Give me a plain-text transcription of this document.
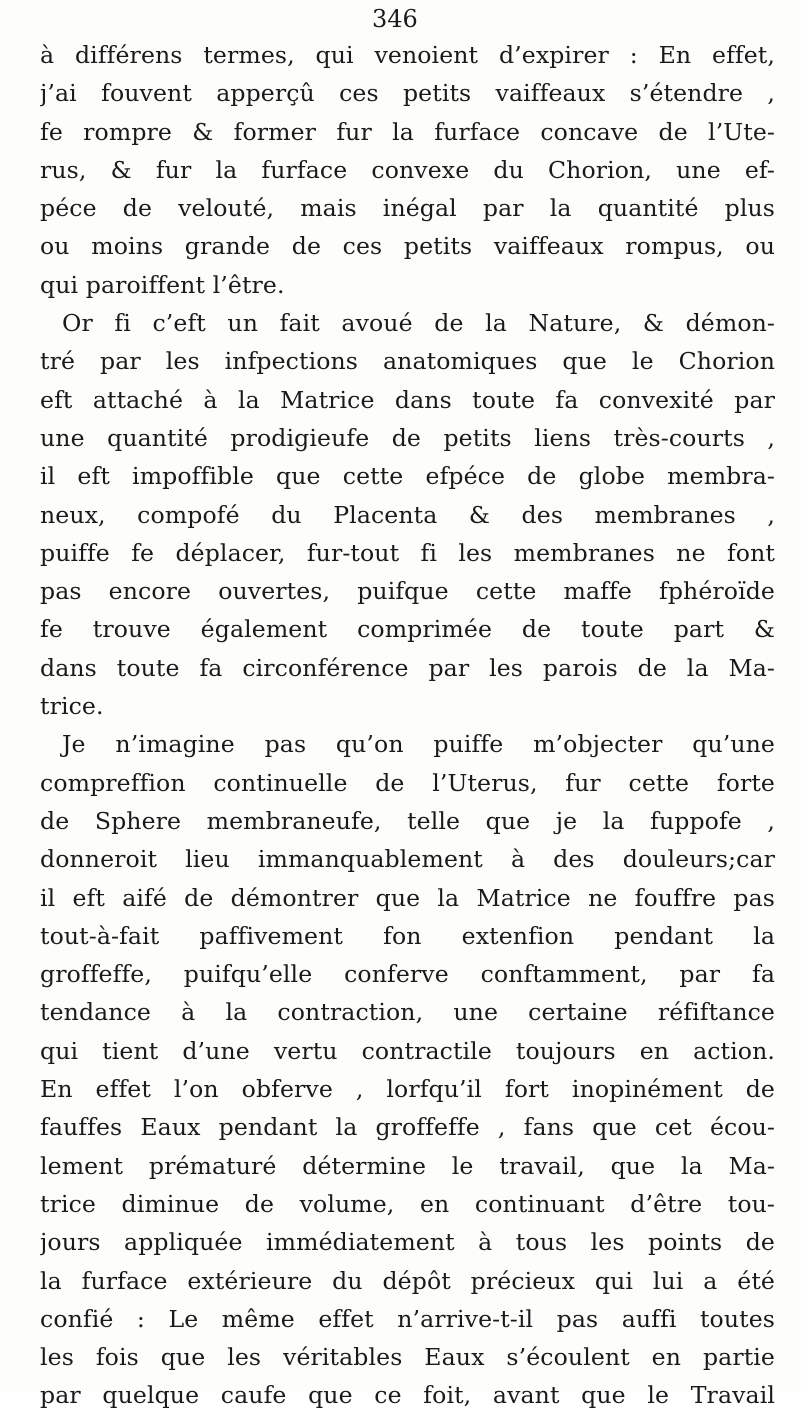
346
à différens termes, qui venoient d’expirer : En effet,
j’ai fouvent apperçû ces petits vaiffeaux s’étendre ,
fe rompre & former fur la furface concave de l’Ute-
rus, & fur la furface convexe du Chorion, une ef-
péce de velouté, mais inégal par la quantité plus
ou moins grande de ces petits vaiffeaux rompus, ou
qui paroiffent l’être.
Or fi c’eft un fait avoué de la Nature, & démon-
tré par les infpections anatomiques que le Chorion
eft attaché à la Matrice dans toute fa convexité par
une quantité prodigieufe de petits liens très-courts ,
il eft impoffible que cette efpéce de globe membra-
neux, compofé du Placenta & des membranes ,
puiffe fe déplacer, fur-tout fi les membranes ne font
pas encore ouvertes, puifque cette maffe fphéroïde
fe trouve également comprimée de toute part &
dans toute fa circonférence par les parois de la Ma-
trice.
Je n’imagine pas qu’on puiffe m’objecter qu’une
compreffion continuelle de l’Uterus, fur cette forte
de Sphere membraneufe, telle que je la fuppofe ,
donneroit lieu immanquablement à des douleurs;car
il eft aifé de démontrer que la Matrice ne fouffre pas
tout-à-fait paffivement fon extenfion pendant la
groffeffe, puifqu’elle conferve conftamment, par fa
tendance à la contraction, une certaine réfiftance
qui tient d’une vertu contractile toujours en action.
En effet l’on obferve , lorfqu’il fort inopinément de
fauffes Eaux pendant la groffeffe , fans que cet écou-
lement prématuré détermine le travail, que la Ma-
trice diminue de volume, en continuant d’être tou-
jours appliquée immédiatement à tous les points de
la furface extérieure du dépôt précieux qui lui a été
confié : Le même effet n’arrive-t-il pas auffi toutes
les fois que les véritables Eaux s’écoulent en partie
par quelque caufe que ce foit, avant que le Travail
